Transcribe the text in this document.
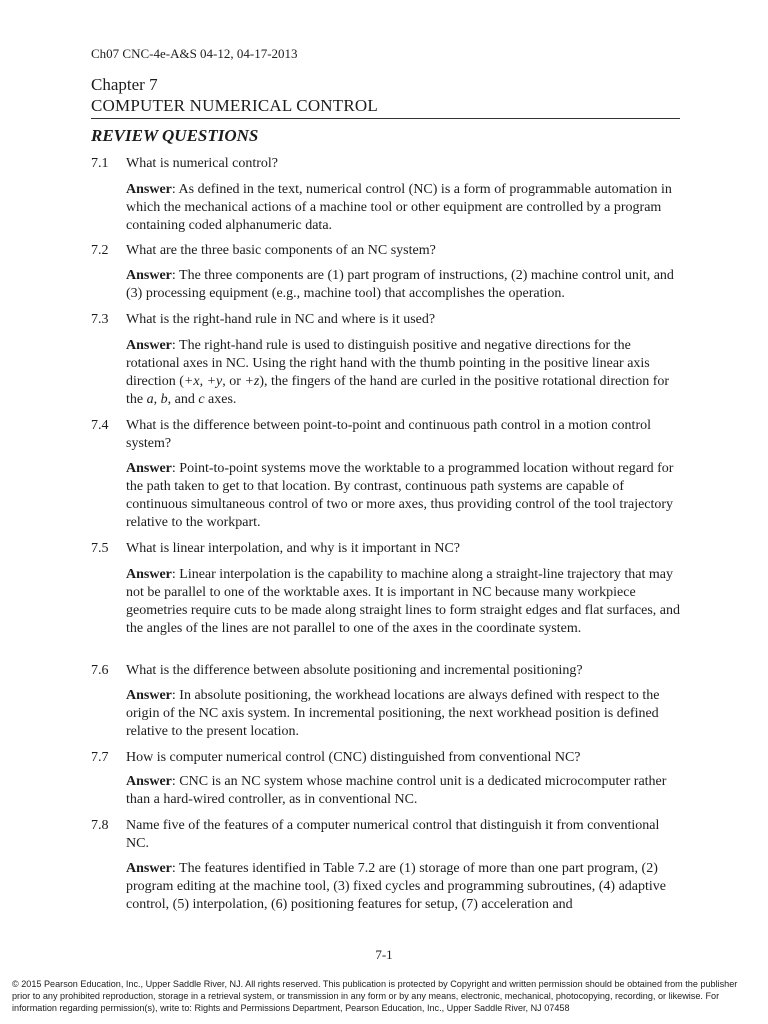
Ch07 CNC-4e-A&S 04-12, 04-17-2013
Chapter 7
COMPUTER NUMERICAL CONTROL
REVIEW QUESTIONS
7.1 What is numerical control?
Answer: As defined in the text, numerical control (NC) is a form of programmable automation in which the mechanical actions of a machine tool or other equipment are controlled by a program containing coded alphanumeric data.
7.2 What are the three basic components of an NC system?
Answer: The three components are (1) part program of instructions, (2) machine control unit, and (3) processing equipment (e.g., machine tool) that accomplishes the operation.
7.3 What is the right-hand rule in NC and where is it used?
Answer: The right-hand rule is used to distinguish positive and negative directions for the rotational axes in NC. Using the right hand with the thumb pointing in the positive linear axis direction (+x, +y, or +z), the fingers of the hand are curled in the positive rotational direction for the a, b, and c axes.
7.4 What is the difference between point-to-point and continuous path control in a motion control system?
Answer: Point-to-point systems move the worktable to a programmed location without regard for the path taken to get to that location. By contrast, continuous path systems are capable of continuous simultaneous control of two or more axes, thus providing control of the tool trajectory relative to the workpart.
7.5 What is linear interpolation, and why is it important in NC?
Answer: Linear interpolation is the capability to machine along a straight-line trajectory that may not be parallel to one of the worktable axes. It is important in NC because many workpiece geometries require cuts to be made along straight lines to form straight edges and flat surfaces, and the angles of the lines are not parallel to one of the axes in the coordinate system.
7.6 What is the difference between absolute positioning and incremental positioning?
Answer: In absolute positioning, the workhead locations are always defined with respect to the origin of the NC axis system. In incremental positioning, the next workhead position is defined relative to the present location.
7.7 How is computer numerical control (CNC) distinguished from conventional NC?
Answer: CNC is an NC system whose machine control unit is a dedicated microcomputer rather than a hard-wired controller, as in conventional NC.
7.8 Name five of the features of a computer numerical control that distinguish it from conventional NC.
Answer: The features identified in Table 7.2 are (1) storage of more than one part program, (2) program editing at the machine tool, (3) fixed cycles and programming subroutines, (4) adaptive control, (5) interpolation, (6) positioning features for setup, (7) acceleration and
7-1
© 2015 Pearson Education, Inc., Upper Saddle River, NJ. All rights reserved. This publication is protected by Copyright and written permission should be obtained from the publisher prior to any prohibited reproduction, storage in a retrieval system, or transmission in any form or by any means, electronic, mechanical, photocopying, recording, or likewise. For information regarding permission(s), write to: Rights and Permissions Department, Pearson Education, Inc., Upper Saddle River, NJ 07458
